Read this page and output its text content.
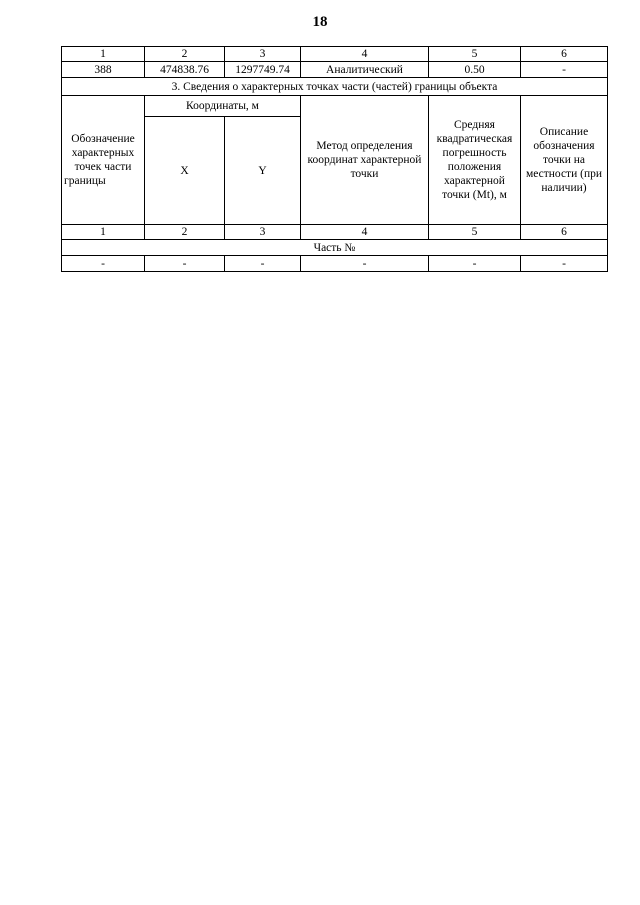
18
1	2	3	4	5	6
388	474838.76	1297749.74	Аналитический	0.50	-
3. Сведения о характерных точках части (частей) границы объекта					

Обозначение характерных точек части границы	Координаты, м		Метод определения координат характерной точки	Средняя квадратическая погрешность положения характерной точки (Mt), м	Описание обозначения точки на местности (при наличии)
	X	Y			
1	2	3	4	5	6
Часть №					
-	-	-	-	-	-
